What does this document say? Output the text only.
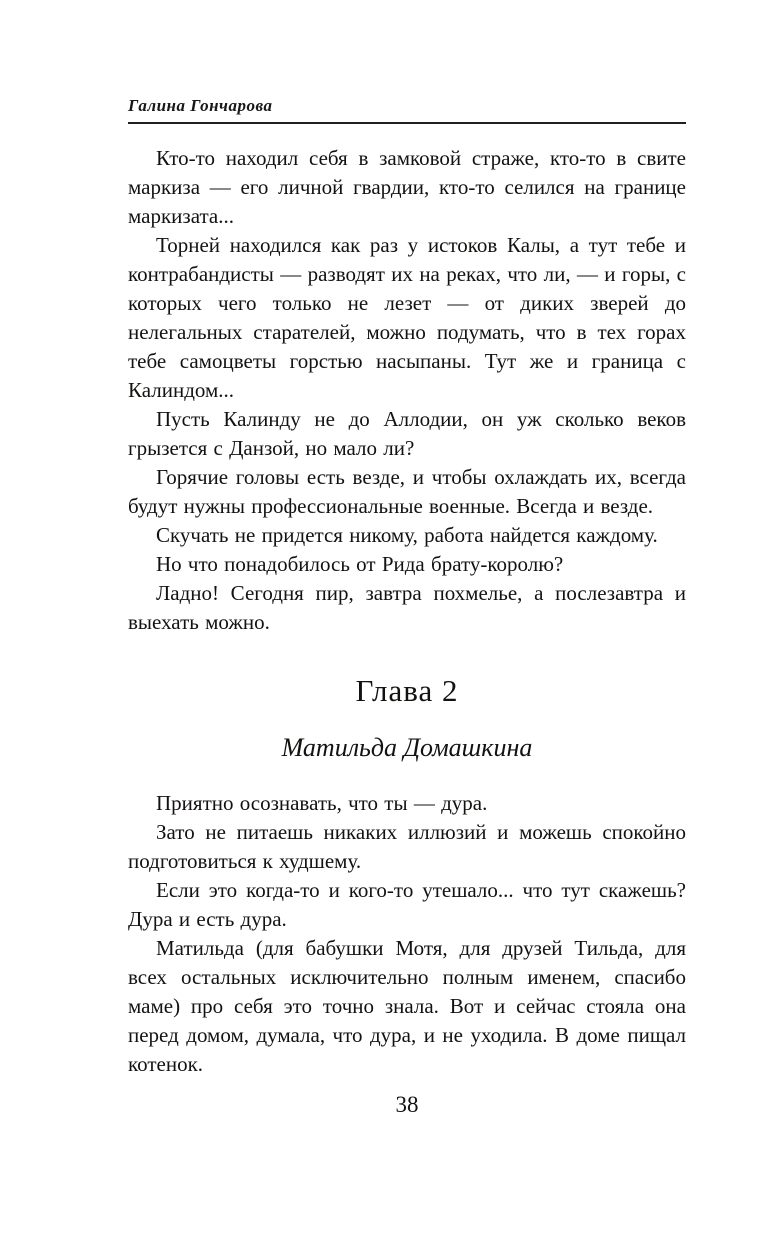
Галина Гончарова

Кто-то находил себя в замковой страже, кто-то в свите маркиза — его личной гвардии, кто-то селился на границе маркизата...

Торней находился как раз у истоков Калы, а тут тебе и контрабандисты — разводят их на реках, что ли, — и горы, с которых чего только не лезет — от диких зверей до нелегальных старателей, можно подумать, что в тех горах тебе самоцветы горстью насыпаны. Тут же и граница с Калиндом...

Пусть Калинду не до Аллодии, он уж сколько веков грызется с Данзой, но мало ли?

Горячие головы есть везде, и чтобы охлаждать их, всегда будут нужны профессиональные военные. Всегда и везде.

Скучать не придется никому, работа найдется каждому.

Но что понадобилось от Рида брату-королю?

Ладно! Сегодня пир, завтра похмелье, а послезавтра и выехать можно.

Глава 2
Матильда Домашкина

Приятно осознавать, что ты — дура.

Зато не питаешь никаких иллюзий и можешь спокойно подготовиться к худшему.

Если это когда-то и кого-то утешало... что тут скажешь? Дура и есть дура.

Матильда (для бабушки Мотя, для друзей Тильда, для всех остальных исключительно полным именем, спасибо маме) про себя это точно знала. Вот и сейчас стояла она перед домом, думала, что дура, и не уходила. В доме пищал котенок.

38
